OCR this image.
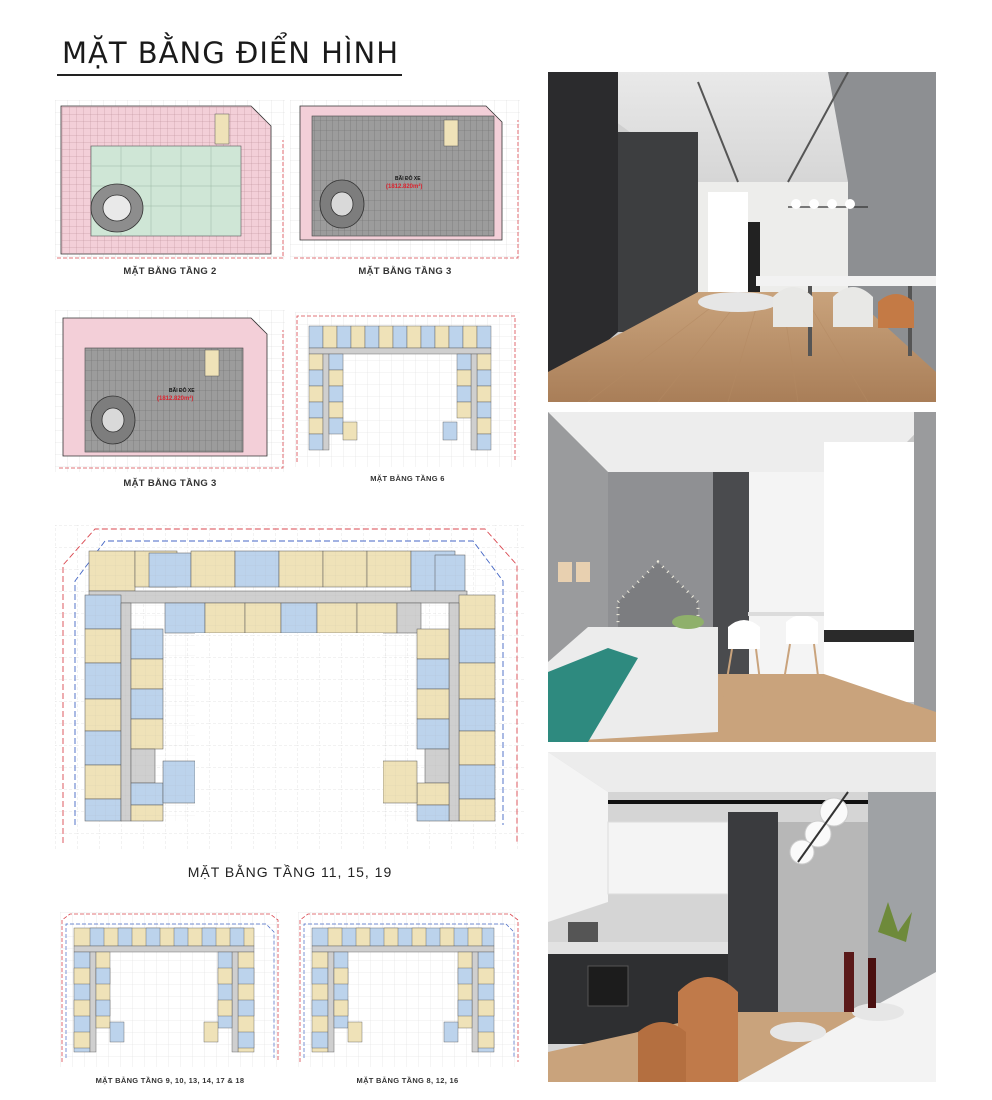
MẶT BẰNG ĐIỂN HÌNH
MẶT BẰNG TẦNG 2
BÃI ĐỖ XE
(1812.820m²)
MẶT BẰNG TẦNG 3
BÃI ĐỖ XE
(1812.820m²)
MẶT BẰNG TẦNG 3	MẶT BẰNG TẦNG 6
MẶT BẰNG TẦNG 11, 15, 19
MẶT BẰNG TẦNG 9, 10, 13, 14, 17 & 18	MẶT BẰNG TẦNG 8, 12, 16
